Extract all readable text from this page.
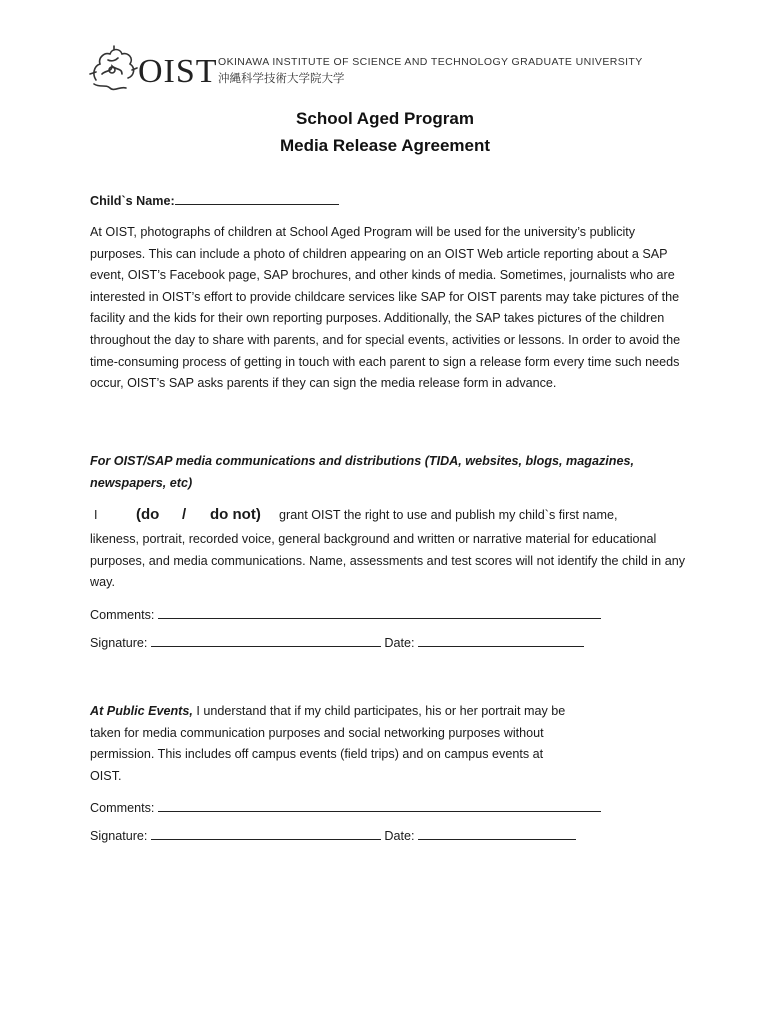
OIST OKINAWA INSTITUTE OF SCIENCE AND TECHNOLOGY GRADUATE UNIVERSITY
沖縄科学技術大学院大学
School Aged Program
Media Release Agreement
Child`s Name:
At OIST, photographs of children at School Aged Program will be used for the university’s publicity purposes. This can include a photo of children appearing on an OIST Web article reporting about a SAP event, OIST’s Facebook page, SAP brochures, and other kinds of media. Sometimes, journalists who are interested in OIST’s effort to provide childcare services like SAP for OIST parents may take pictures of the facility and the kids for their own reporting purposes. Additionally, the SAP takes pictures of the children throughout the day to share with parents, and for special events, activities or lessons. In order to avoid the time-consuming process of getting in touch with each parent to sign a release form every time such needs occur, OIST’s SAP asks parents if they can sign the media release form in advance.
For OIST/SAP media communications and distributions (TIDA, websites, blogs, magazines, newspapers, etc)
I	(do / do not) grant OIST the right to use and publish my child`s first name,
likeness, portrait, recorded voice, general background and written or narrative material for educational purposes, and media communications. Name, assessments and test scores will not identify the child in any way.
Comments:
Signature:	Date:
At Public Events, I understand that if my child participates, his or her portrait may be taken for media communication purposes and social networking purposes without permission. This includes off campus events (field trips) and on campus events at OIST.
Comments:
Signature:	Date:
